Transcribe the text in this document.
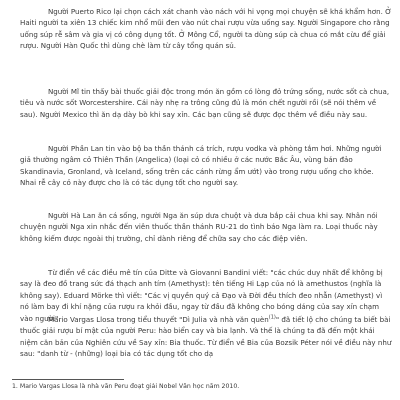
Người Puerto Rico lại chọn cách xát chanh vào nách với hi vọng mọi chuyện sẽ khá khẩm hơn. Ở Haiti người ta xiên 13 chiếc kim nhổ mũi đen vào nút chai rượu vừa uống say. Người Singapore cho rằng uống súp rễ sâm và gia vị có công dụng tốt. Ở Mông Cổ, người ta dùng súp cà chua có mắt cừu để giải rượu. Người Hàn Quốc thì dùng chè làm từ cây tổng quán sủ.

Người Mĩ tin thấy bài thuốc giải độc trong món ăn gồm có lòng đỏ trứng sống, nước sốt cà chua, tiêu và nước sốt Worcestershire. Cái này nhẹ ra trông cũng đủ là món chết người rồi (sẽ nói thêm về sau). Người Mexico thì ăn dạ dày bò khi say xỉn. Các bạn cũng sẽ được đọc thêm về điều này sau.

Người Phần Lan tin vào bộ ba thần thánh cá trích, rượu vodka và phòng tắm hơi. Những người giả thường ngâm cỏ Thiên Thần (Angelica) (loại cỏ có nhiều ở các nước Bắc Âu, vùng bán đảo Skandinavia, Gronland, và Iceland, sống trên các cánh rừng ẩm ướt) vào trong rượu uống cho khỏe. Nhai rễ cây cỏ này được cho là có tác dụng tốt cho người say.

Người Hà Lan ăn cá sống, người Nga ăn súp dưa chuột và dưa bắp cải chua khi say. Nhân nói chuyện người Nga xin nhắc đến viên thuốc thần thánh RU-21 do tình báo Nga làm ra. Loại thuốc này không kiếm được ngoài thị trường, chỉ dành riêng để chữa say cho các điệp viên.

Từ điển về các điều mê tín của Ditte và Giovanni Bandini viết: "các chúc duy nhất để không bị say là đeo đồ trang sức đá thạch anh tím (Amethyst): tên tiếng Hi Lạp của nó là amethustos (nghĩa là không say). Eduard Mörke thì viết: "Các vị quyền quý cả Đạo và Đời đều thích đeo nhẫn (Amethyst) vì nó làm bay đi khí nặng của rượu ra khỏi đầu, ngay từ đầu đã không cho bóng dáng của say xỉn chạm vào người".

Mario Vargas Llosa trong tiểu thuyết "Dì Julia và nhà văn quèn$^{(1)}$" đã tiết lộ cho chúng ta biết bài thuốc giải rượu bí mật của người Peru: hào biển cay và bia lạnh. Và thế là chúng ta đã đến một khái niệm căn bản của Nghiên cứu về Say xỉn: Bia thuốc. Từ điển về Bia của Bozsik Péter nói về điều này như sau: "danh từ - (những) loại bia có tác dụng tốt cho dạ

1. Mario Vargas Llosa là nhà văn Peru đoạt giải Nobel Văn học năm 2010.
